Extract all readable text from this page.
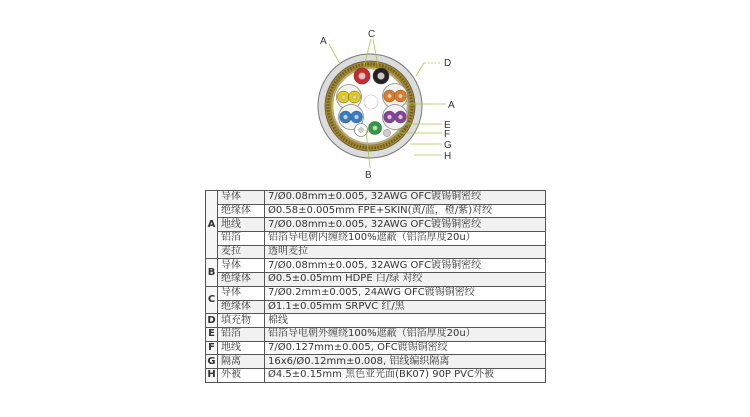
A
B
C
D
A
E
F
G
H
A	导体	7/Ø0.08mm±0.005, 32AWG OFC镀锡铜密绞
	绝缘体	Ø0.58±0.005mm FPE+SKIN(黄/蓝，橙/紫)对绞
	地线	7/Ø0.08mm±0.005, 32AWG OFC镀锡铜密绞
	铝箔	铝箔导电朝内缠绕100%遮蔽（铝箔厚度20u）
	麦拉	透明麦拉
B	导体	7/Ø0.08mm±0.005, 32AWG OFC镀锡铜密绞
	绝缘体	Ø0.5±0.05mm HDPE 白/绿 对绞
C	导体	7/Ø0.2mm±0.005, 24AWG OFC镀锡铜密绞
	绝缘体	Ø1.1±0.05mm SRPVC 红/黑
D	填充物	棉线
E	铝箔	铝箔导电朝外缠绕100%遮蔽（铝箔厚度20u）
F	地线	7/Ø0.127mm±0.005, OFC镀锡铜密绞
G	隔离	16x6/Ø0.12mm±0.008, 铝线编织隔离
H	外被	Ø4.5±0.15mm 黑色亚光面(BK07) 90P PVC外被
